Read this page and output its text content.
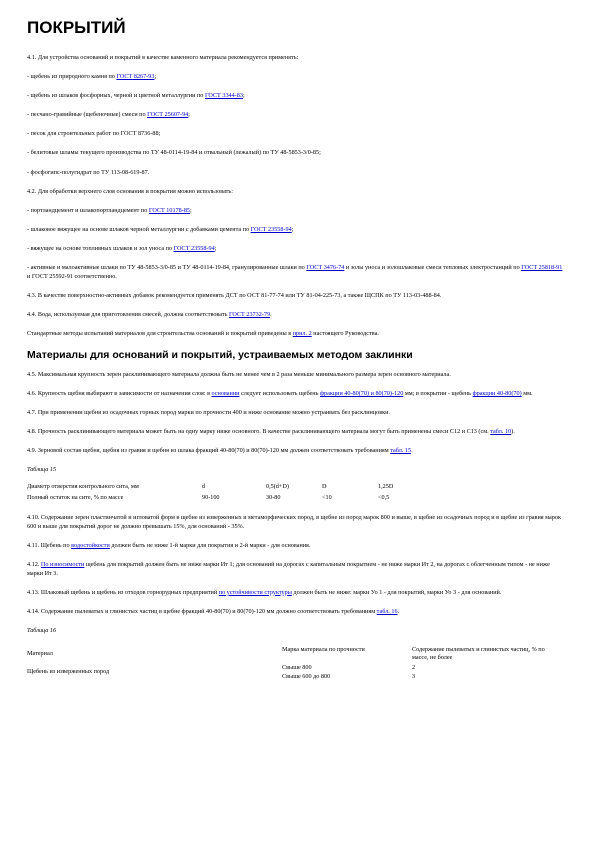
ПОКРЫТИЙ

4.1. Для устройства оснований и покрытий в качестве каменного материала рекомендуется применять:

- щебень из природного камня по ГОСТ 8267-93;

- щебень из шлаков фосфорных, черной и цветной металлургии по ГОСТ 3344-83;

- песчано-гравийные (щебеночные) смеси по ГОСТ 25607-94;

- песок для строительных работ по ГОСТ 8736-88;

- белитовые шламы текущего производства по ТУ 48-0114-19-84 и отвальный (лежалый) по ТУ 48-5853-3/0-85;

- фосфогипс-полугидрат по ТУ 113-08-619-87.

4.2. Для обработки верхнего слоя основания и покрытия можно использовать:

- портландцемент и шлакопортландцемент по ГОСТ 10178-85;

- шлаковое вяжущее на основе шлаков черной металлургии с добавками цемента по ГОСТ 23558-94;

- вяжущее на основе топливных шлаков и зол уноса по ГОСТ 23558-94;

- активные и малоактивные шлаки по ТУ 48-5853-3/0-85 и ТУ 48-0114-19-84, гранулированные шлаки по ГОСТ 3476-74 и золы уноса и золошлаковые смеси тепловых электростанций по ГОСТ 25818-91 и ГОСТ 25592-91 соответственно.

4.3. В качестве поверхностно-активных добавок рекомендуется применять ДСТ по ОСТ 81-77-74 или ТУ 81-04-225-73, а также ЩСПК по ТУ 113-03-488-84.

4.4. Вода, используемая для приготовления смесей, должна соответствовать ГОСТ 23732-79.

Стандартные методы испытаний материалов для строительства оснований и покрытий приведены в прил. 2 настоящего Руководства.

Материалы для оснований и покрытий, устраиваемых методом заклинки

4.5. Максимальная крупность зерен расклинивающего материала должна быть не менее чем в 2 раза меньше минимального размера зерен основного материала.

4.6. Крупность щебня выбирают в зависимости от назначения слоя: в основании следует использовать щебень фракции 40-80(70) и 80(70)-120 мм; в покрытии - щебень фракции 40-80(70) мм.

4.7. При применении щебня из осадочных горных пород марки по прочности 400 и ниже основание можно устраивать без расклинцовки.

4.8. Прочность расклинивающего материала может быть на одну марку ниже основного. В качестве расклинивающего материала могут быть применены смеси С12 и С13 (см. табл. 10).

4.9. Зерновой состав щебня, щебня из гравия и щебня из шлака фракций 40-80(70) и 80(70)-120 мм должен соответствовать требованиям табл. 15.

Таблица 15

Диаметр отверстия контрольного сита, мм	d	0,5(d+D)	D	1,25D
Полный остаток на сите, % по массе	90-100	30-80	<10	<0,5

4.10. Содержание зерен пластинчатой и игловатой форм в щебне из изверженных и метаморфических пород, в щебне из пород марок 800 и выше, в щебне из осадочных пород и в щебне из гравия марок 600 и выше для покрытий дорог не должно превышать 15%, для оснований - 35%.

4.11. Щебень по водостойкости должен быть не ниже 1-й марки для покрытия и 2-й марки - для основания.

4.12. По износимости щебень для покрытий должен быть не ниже марки Ит 1; для оснований на дорогах с капитальным покрытием - не ниже марки Ит 2, на дорогах с облегченным типом - не ниже марки Ит 3.

4.13. Шлаковый щебень и щебень из отходов горнорудных предприятий по устойчивости структуры должен быть не ниже: марки Уо 1 - для покрытий, марки Уо 3 - для оснований.

4.14. Содержание пылеватых и глинистых частиц в щебне фракций 40-80(70) и 80(70)-120 мм должно соответствовать требованиям табл. 16.

Таблица 16

Материал	Марка материала по прочности	Содержание пылеватых и глинистых частиц, % по массе, не более
Щебень из изверженных пород	Свыше 800	2
	Свыше 600 до 800	3
